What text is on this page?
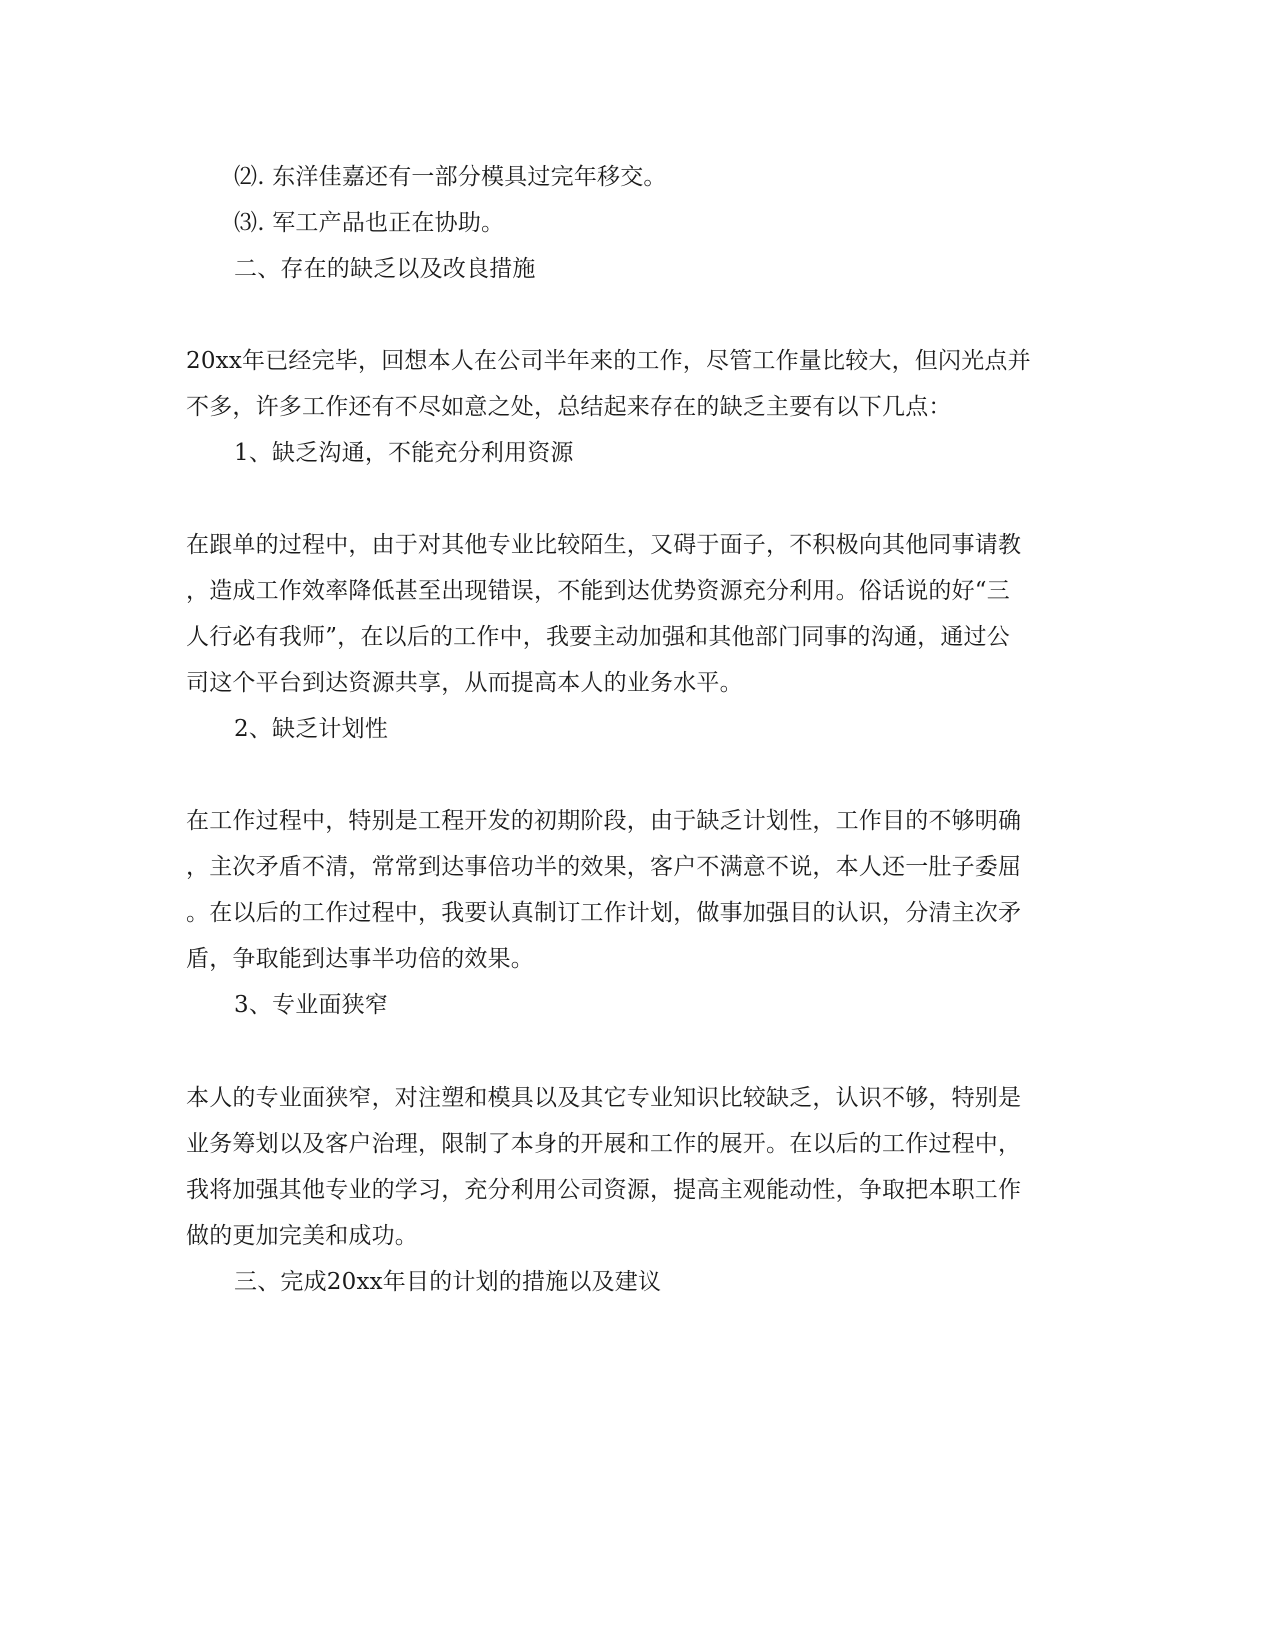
⑵. 东洋佳嘉还有一部分模具过完年移交。
⑶. 军工产品也正在协助。
二、存在的缺乏以及改良措施
20xx年已经完毕，回想本人在公司半年来的工作，尽管工作量比较大，但闪光点并
不多，许多工作还有不尽如意之处，总结起来存在的缺乏主要有以下几点：
1、缺乏沟通，不能充分利用资源
在跟单的过程中，由于对其他专业比较陌生，又碍于面子，不积极向其他同事请教
，造成工作效率降低甚至出现错误，不能到达优势资源充分利用。俗话说的好“三
人行必有我师”，在以后的工作中，我要主动加强和其他部门同事的沟通，通过公
司这个平台到达资源共享，从而提高本人的业务水平。
2、缺乏计划性
在工作过程中，特别是工程开发的初期阶段，由于缺乏计划性，工作目的不够明确
，主次矛盾不清，常常到达事倍功半的效果，客户不满意不说，本人还一肚子委屈
。在以后的工作过程中，我要认真制订工作计划，做事加强目的认识，分清主次矛
盾，争取能到达事半功倍的效果。
3、专业面狭窄
本人的专业面狭窄，对注塑和模具以及其它专业知识比较缺乏，认识不够，特别是
业务筹划以及客户治理，限制了本身的开展和工作的展开。在以后的工作过程中，
我将加强其他专业的学习，充分利用公司资源，提高主观能动性，争取把本职工作
做的更加完美和成功。
三、完成20xx年目的计划的措施以及建议
